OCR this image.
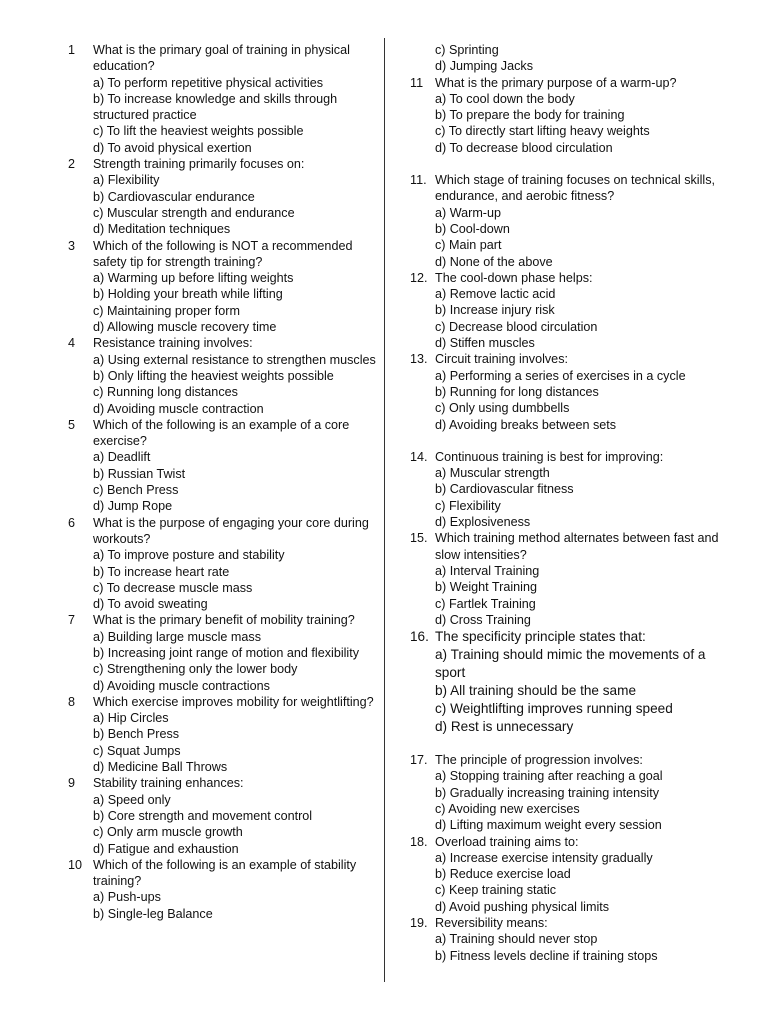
1	What is the primary goal of training in physical education?
a) To perform repetitive physical activities
b) To increase knowledge and skills through structured practice
c) To lift the heaviest weights possible
d) To avoid physical exertion
2	Strength training primarily focuses on:
a) Flexibility
b) Cardiovascular endurance
c) Muscular strength and endurance
d) Meditation techniques
3	Which of the following is NOT a recommended safety tip for strength training?
a) Warming up before lifting weights
b) Holding your breath while lifting
c) Maintaining proper form
d) Allowing muscle recovery time
4	Resistance training involves:
a) Using external resistance to strengthen muscles
b) Only lifting the heaviest weights possible
c) Running long distances
d) Avoiding muscle contraction
5	Which of the following is an example of a core exercise?
a) Deadlift
b) Russian Twist
c) Bench Press
d) Jump Rope
6	What is the purpose of engaging your core during workouts?
a) To improve posture and stability
b) To increase heart rate
c) To decrease muscle mass
d) To avoid sweating
7	What is the primary benefit of mobility training?
a) Building large muscle mass
b) Increasing joint range of motion and flexibility
c) Strengthening only the lower body
d) Avoiding muscle contractions
8	Which exercise improves mobility for weightlifting?
a) Hip Circles
b) Bench Press
c) Squat Jumps
d) Medicine Ball Throws
9	Stability training enhances:
a) Speed only
b) Core strength and movement control
c) Only arm muscle growth
d) Fatigue and exhaustion
10 Which of the following is an example of stability training?
a) Push-ups
b) Single-leg Balance
c) Sprinting
d) Jumping Jacks
11 What is the primary purpose of a warm-up?
a) To cool down the body
b) To prepare the body for training
c) To directly start lifting heavy weights
d) To decrease blood circulation
11. Which stage of training focuses on technical skills, endurance, and aerobic fitness?
a) Warm-up
b) Cool-down
c) Main part
d) None of the above
12. The cool-down phase helps:
a) Remove lactic acid
b) Increase injury risk
c) Decrease blood circulation
d) Stiffen muscles
13. Circuit training involves:
a) Performing a series of exercises in a cycle
b) Running for long distances
c) Only using dumbbells
d) Avoiding breaks between sets
14. Continuous training is best for improving:
a) Muscular strength
b) Cardiovascular fitness
c) Flexibility
d) Explosiveness
15. Which training method alternates between fast and slow intensities?
a) Interval Training
b) Weight Training
c) Fartlek Training
d) Cross Training
16. The specificity principle states that:
a) Training should mimic the movements of a sport
b) All training should be the same
c) Weightlifting improves running speed
d) Rest is unnecessary
17. The principle of progression involves:
a) Stopping training after reaching a goal
b) Gradually increasing training intensity
c) Avoiding new exercises
d) Lifting maximum weight every session
18. Overload training aims to:
a) Increase exercise intensity gradually
b) Reduce exercise load
c) Keep training static
d) Avoid pushing physical limits
19. Reversibility means:
a) Training should never stop
b) Fitness levels decline if training stops
